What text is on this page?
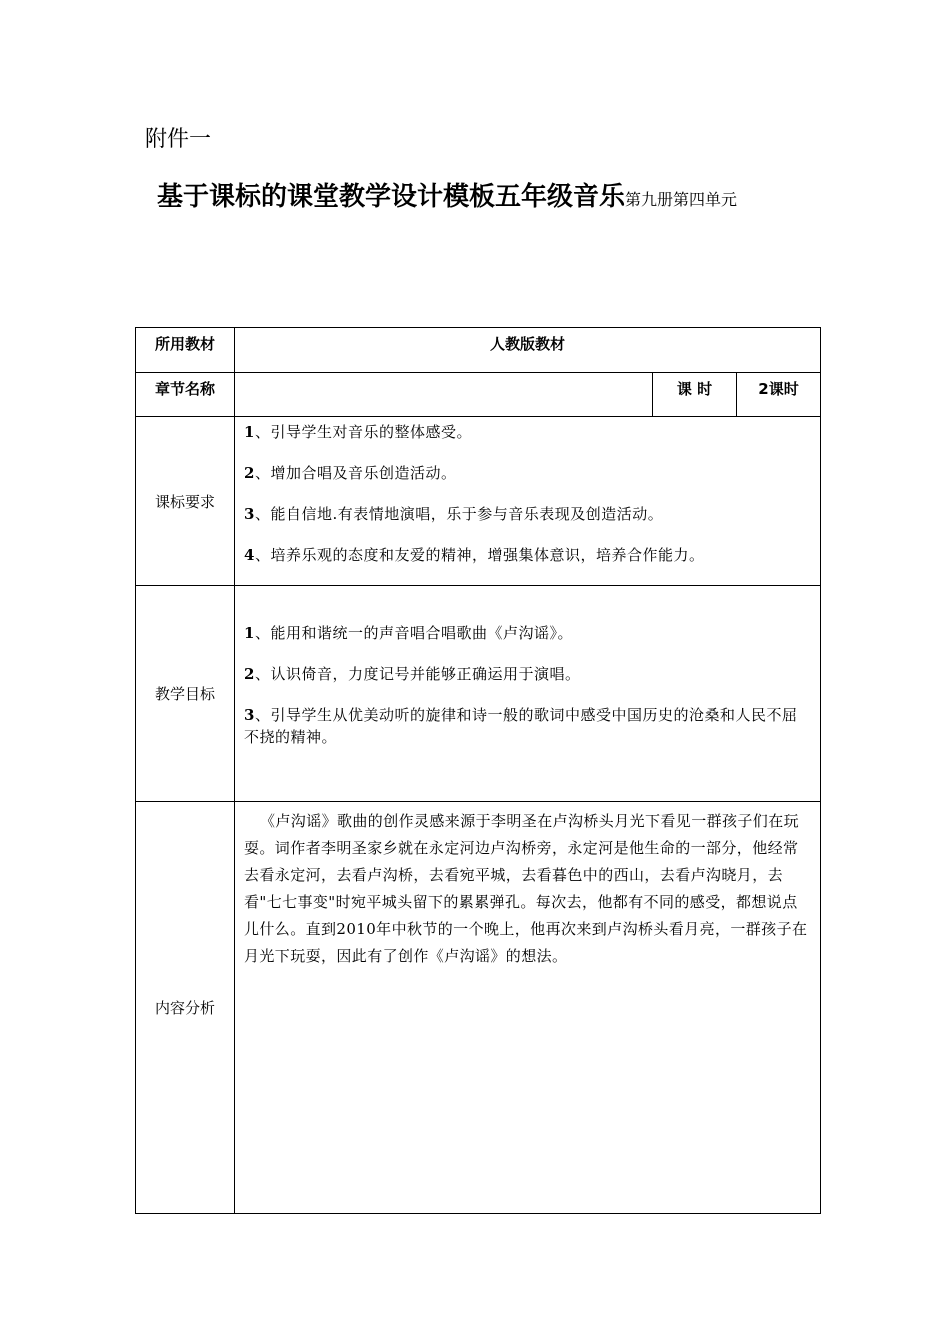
附件一
基于课标的课堂教学设计模板五年级音乐第九册第四单元
所用教材	人教版教材		
章节名称		课 时	2课时
课标要求	1、引导学生对音乐的整体感受。

2、增加合唱及音乐创造活动。

3、能自信地.有表情地演唱，乐于参与音乐表现及创造活动。

4、培养乐观的态度和友爱的精神，增强集体意识，培养合作能力。		

教学目标	1、能用和谐统一的声音唱合唱歌曲《卢沟谣》。

2、认识倚音，力度记号并能够正确运用于演唱。

3、引导学生从优美动听的旋律和诗一般的歌词中感受中国历史的沧桑和人民不屈不挠的精神。		

内容分析	《卢沟谣》歌曲的创作灵感来源于李明圣在卢沟桥头月光下看见一群孩子们在玩耍。词作者李明圣家乡就在永定河边卢沟桥旁，永定河是他生命的一部分，他经常去看永定河，去看卢沟桥，去看宛平城，去看暮色中的西山，去看卢沟晓月，去看"七七事变"时宛平城头留下的累累弹孔。每次去，他都有不同的感受，都想说点儿什么。直到2010年中秋节的一个晚上，他再次来到卢沟桥头看月亮，一群孩子在月光下玩耍，因此有了创作《卢沟谣》的想法。		
